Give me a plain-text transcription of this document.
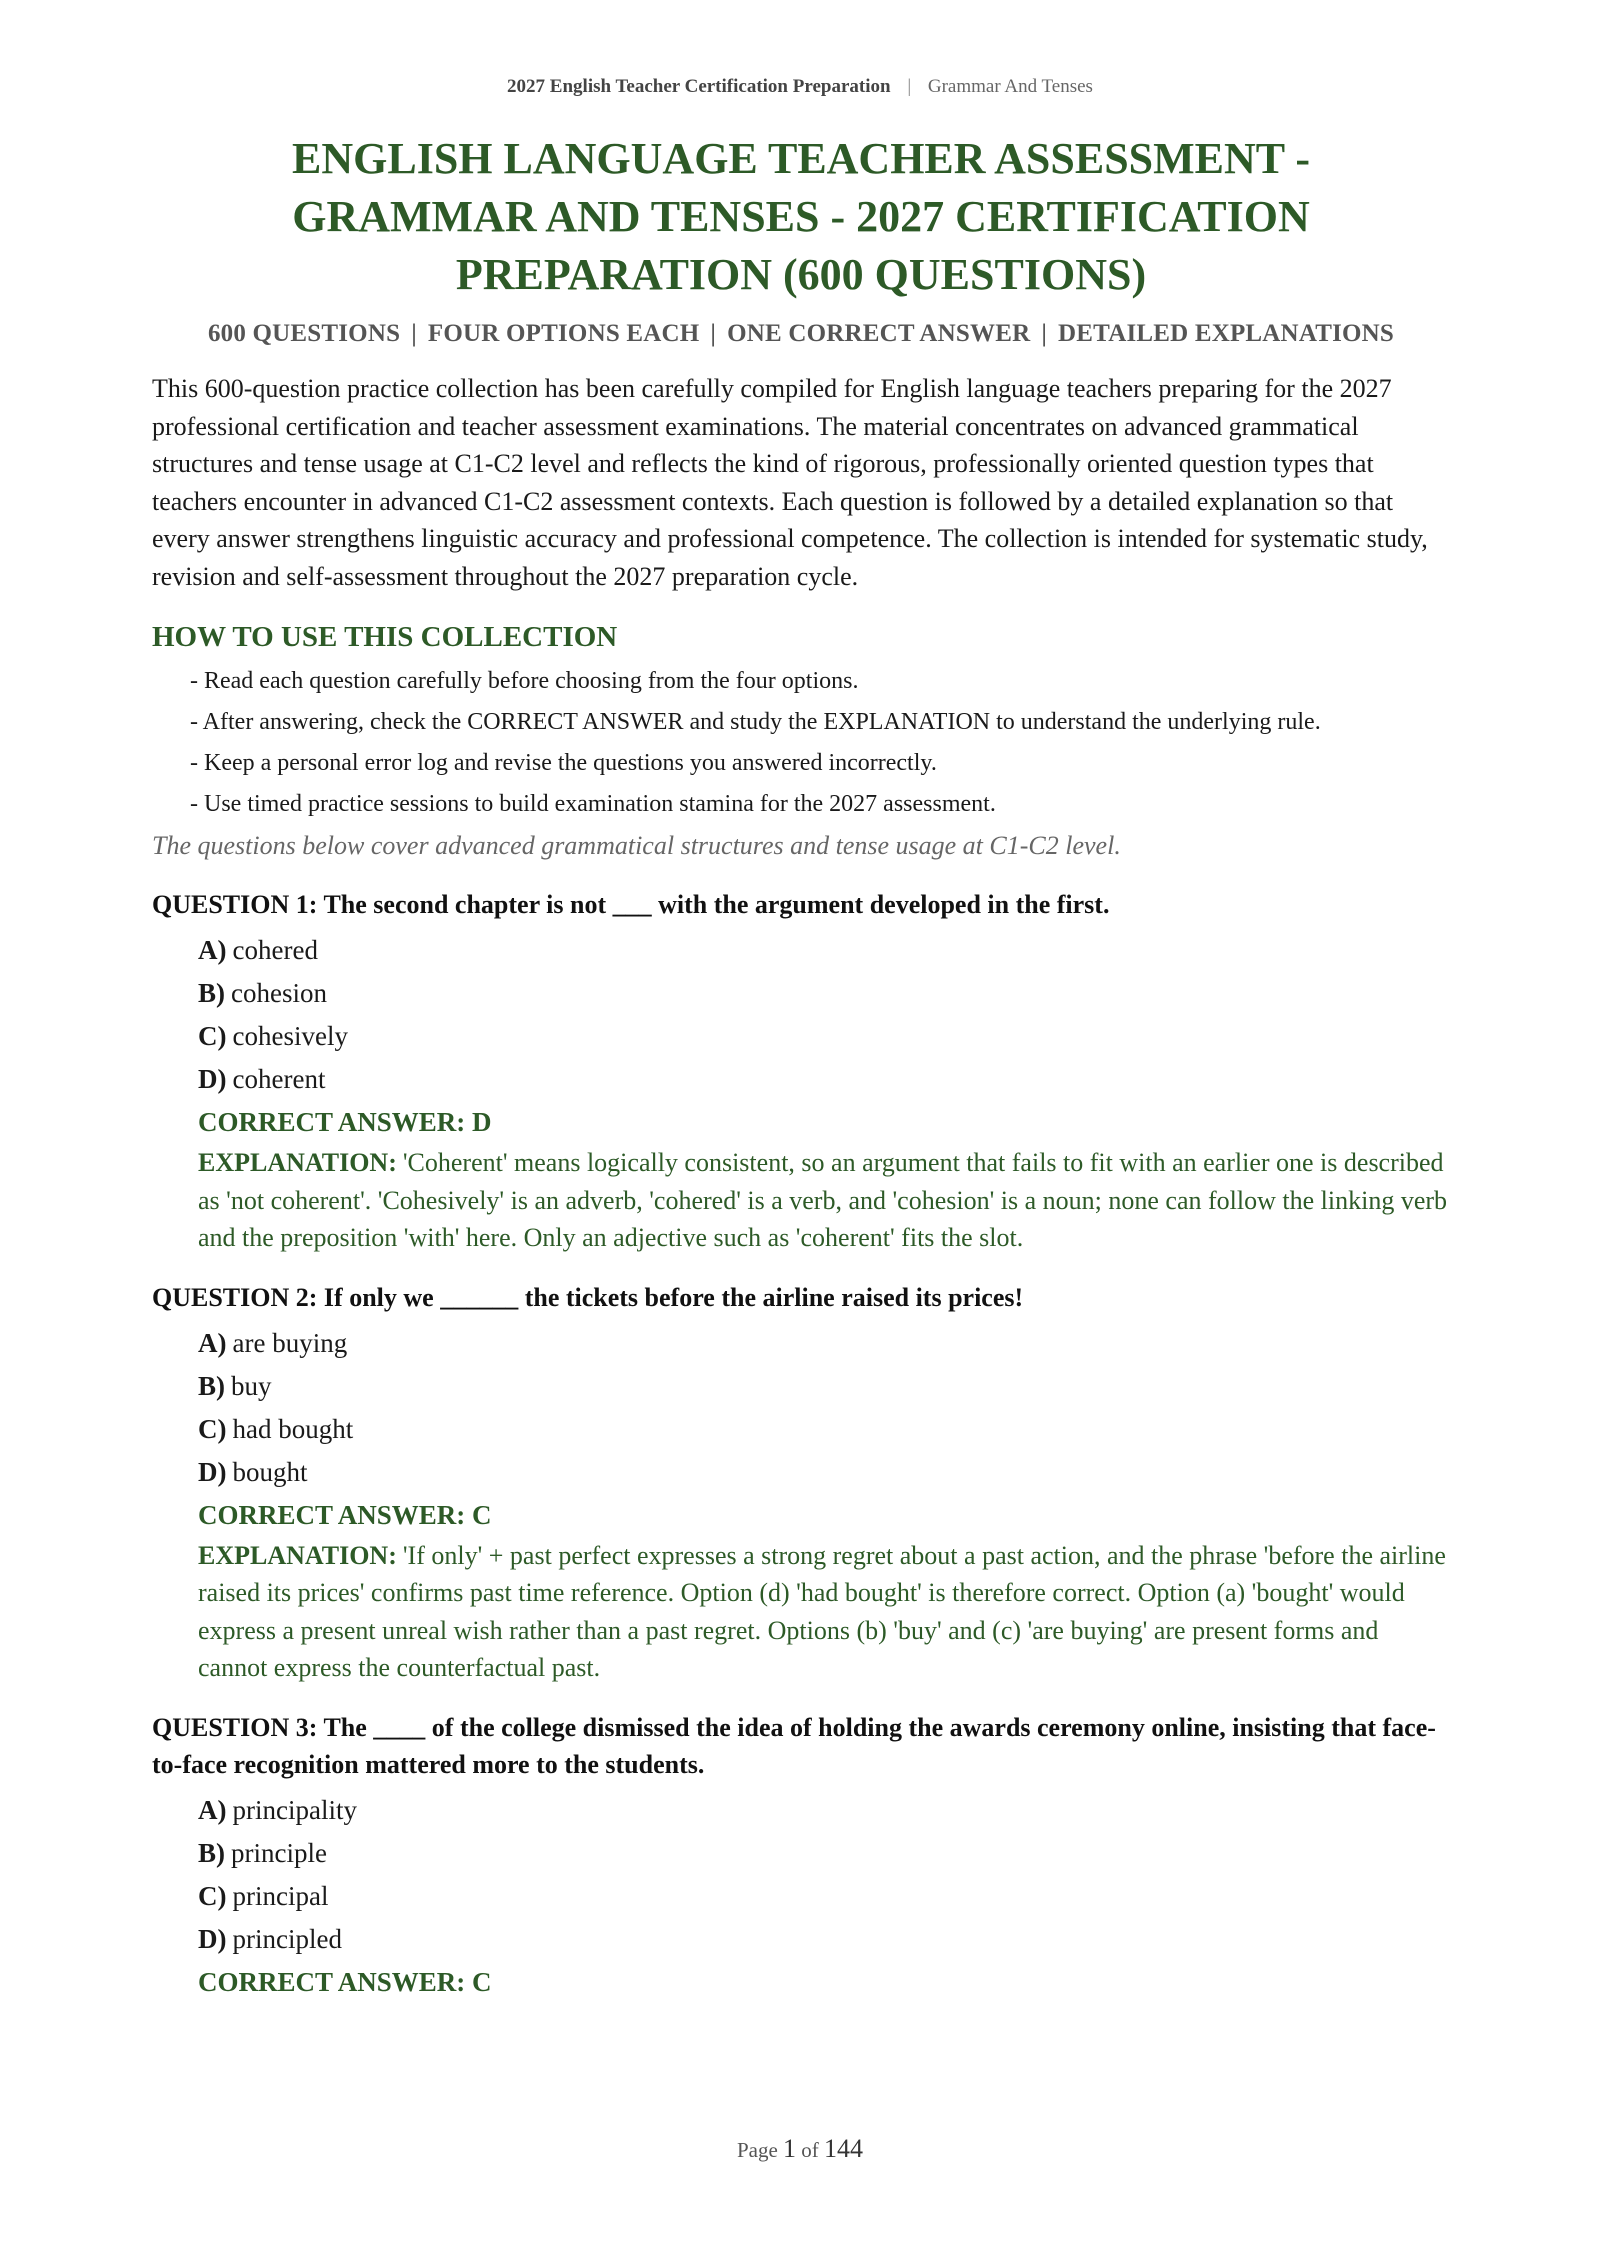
2027 English Teacher Certification Preparation | Grammar And Tenses
ENGLISH LANGUAGE TEACHER ASSESSMENT - GRAMMAR AND TENSES - 2027 CERTIFICATION PREPARATION (600 QUESTIONS)
600 QUESTIONS | FOUR OPTIONS EACH | ONE CORRECT ANSWER | DETAILED EXPLANATIONS

This 600-question practice collection has been carefully compiled for English language teachers preparing for the 2027 professional certification and teacher assessment examinations. The material concentrates on advanced grammatical structures and tense usage at C1-C2 level and reflects the kind of rigorous, professionally oriented question types that teachers encounter in advanced C1-C2 assessment contexts. Each question is followed by a detailed explanation so that every answer strengthens linguistic accuracy and professional competence. The collection is intended for systematic study, revision and self-assessment throughout the 2027 preparation cycle.

HOW TO USE THIS COLLECTION
- Read each question carefully before choosing from the four options.
- After answering, check the CORRECT ANSWER and study the EXPLANATION to understand the underlying rule.
- Keep a personal error log and revise the questions you answered incorrectly.
- Use timed practice sessions to build examination stamina for the 2027 assessment.
The questions below cover advanced grammatical structures and tense usage at C1-C2 level.
QUESTION 1: The second chapter is not ___ with the argument developed in the first.
A) cohered
B) cohesion
C) cohesively
D) coherent
CORRECT ANSWER: D
EXPLANATION: 'Coherent' means logically consistent, so an argument that fails to fit with an earlier one is described as 'not coherent'. 'Cohesively' is an adverb, 'cohered' is a verb, and 'cohesion' is a noun; none can follow the linking verb and the preposition 'with' here. Only an adjective such as 'coherent' fits the slot.
QUESTION 2: If only we ______ the tickets before the airline raised its prices!
A) are buying
B) buy
C) had bought
D) bought
CORRECT ANSWER: C
EXPLANATION: 'If only' + past perfect expresses a strong regret about a past action, and the phrase 'before the airline raised its prices' confirms past time reference. Option (d) 'had bought' is therefore correct. Option (a) 'bought' would express a present unreal wish rather than a past regret. Options (b) 'buy' and (c) 'are buying' are present forms and cannot express the counterfactual past.
QUESTION 3: The ____ of the college dismissed the idea of holding the awards ceremony online, insisting that face-to-face recognition mattered more to the students.
A) principality
B) principle
C) principal
D) principled
CORRECT ANSWER: C
Page 1 of 144
